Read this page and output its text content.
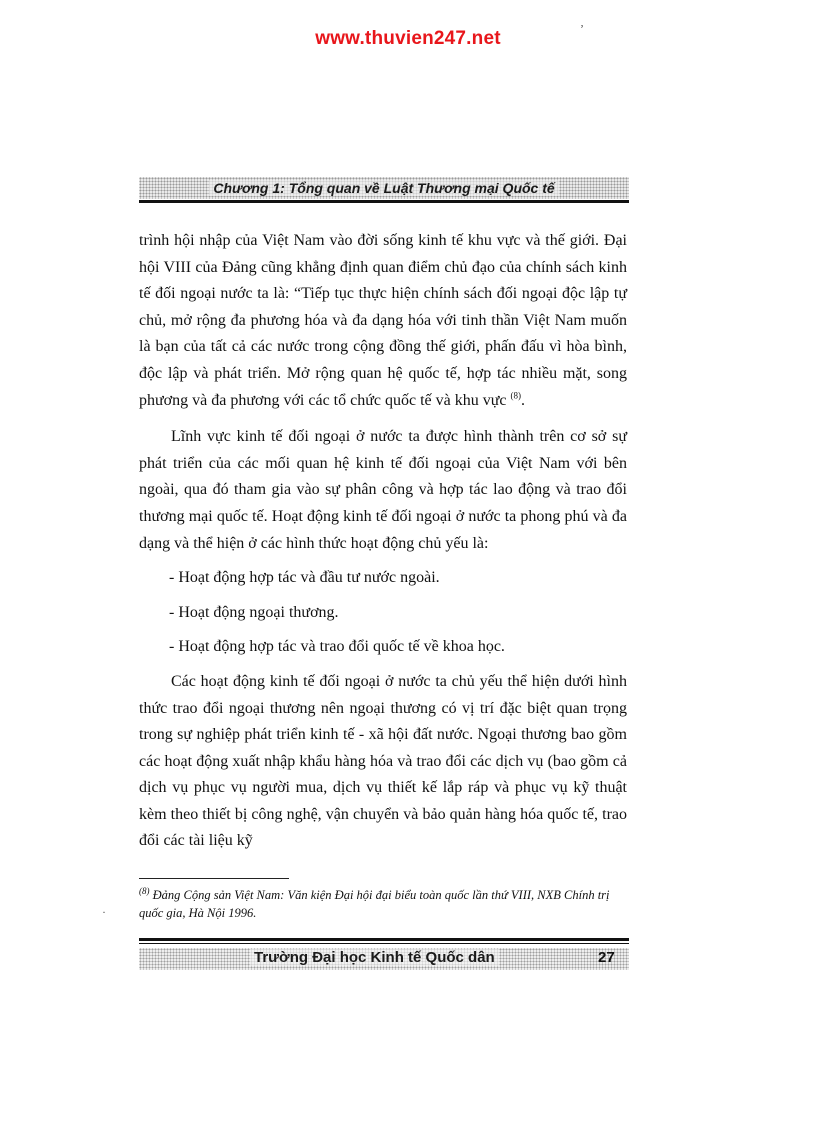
www.thuvien247.net	ʼ
·
Chương 1: Tổng quan về Luật Thương mại Quốc tế

trình hội nhập của Việt Nam vào đời sống kinh tế khu vực và thế giới. Đại hội VIII của Đảng cũng khẳng định quan điểm chủ đạo của chính sách kinh tế đối ngoại nước ta là: “Tiếp tục thực hiện chính sách đối ngoại độc lập tự chủ, mở rộng đa phương hóa và đa dạng hóa với tinh thần Việt Nam muốn là bạn của tất cả các nước trong cộng đồng thế giới, phấn đấu vì hòa bình, độc lập và phát triển. Mở rộng quan hệ quốc tế, hợp tác nhiều mặt, song phương và đa phương với các tổ chức quốc tế và khu vực $^{(8)}$.

Lĩnh vực kinh tế đối ngoại ở nước ta được hình thành trên cơ sở sự phát triển của các mối quan hệ kinh tế đối ngoại của Việt Nam với bên ngoài, qua đó tham gia vào sự phân công và hợp tác lao động và trao đổi thương mại quốc tế. Hoạt động kinh tế đối ngoại ở nước ta phong phú và đa dạng và thể hiện ở các hình thức hoạt động chủ yếu là:

- Hoạt động hợp tác và đầu tư nước ngoài.

- Hoạt động ngoại thương.

- Hoạt động hợp tác và trao đổi quốc tế về khoa học.

Các hoạt động kinh tế đối ngoại ở nước ta chủ yếu thể hiện dưới hình thức trao đổi ngoại thương nên ngoại thương có vị trí đặc biệt quan trọng trong sự nghiệp phát triển kinh tế - xã hội đất nước. Ngoại thương bao gồm các hoạt động xuất nhập khẩu hàng hóa và trao đổi các dịch vụ (bao gồm cả dịch vụ phục vụ người mua, dịch vụ thiết kế lắp ráp và phục vụ kỹ thuật kèm theo thiết bị công nghệ, vận chuyển và bảo quản hàng hóa quốc tế, trao đổi các tài liệu kỹ

$^{(8)}$ Đảng Cộng sản Việt Nam: Văn kiện Đại hội đại biểu toàn quốc lần thứ VIII, NXB Chính trị quốc gia, Hà Nội 1996.
Trường Đại học Kinh tế Quốc dân	27
